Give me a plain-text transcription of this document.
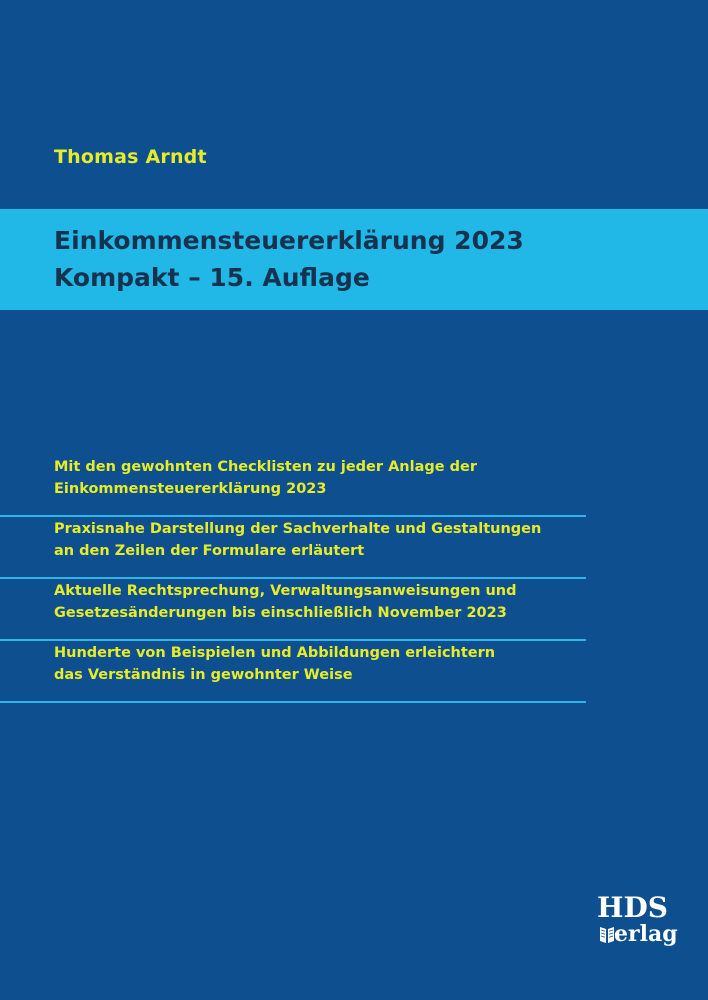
Thomas Arndt
Einkommensteuererklärung 2023
Kompakt – 15. Auflage
Mit den gewohnten Checklisten zu jeder Anlage der
Einkommensteuererklärung 2023
Praxisnahe Darstellung der Sachverhalte und Gestaltungen
an den Zeilen der Formulare erläutert
Aktuelle Rechtsprechung, Verwaltungsanweisungen und
Gesetzesänderungen bis einschließlich November 2023
Hunderte von Beispielen und Abbildungen erleichtern
das Verständnis in gewohnter Weise
HDS
erlag
